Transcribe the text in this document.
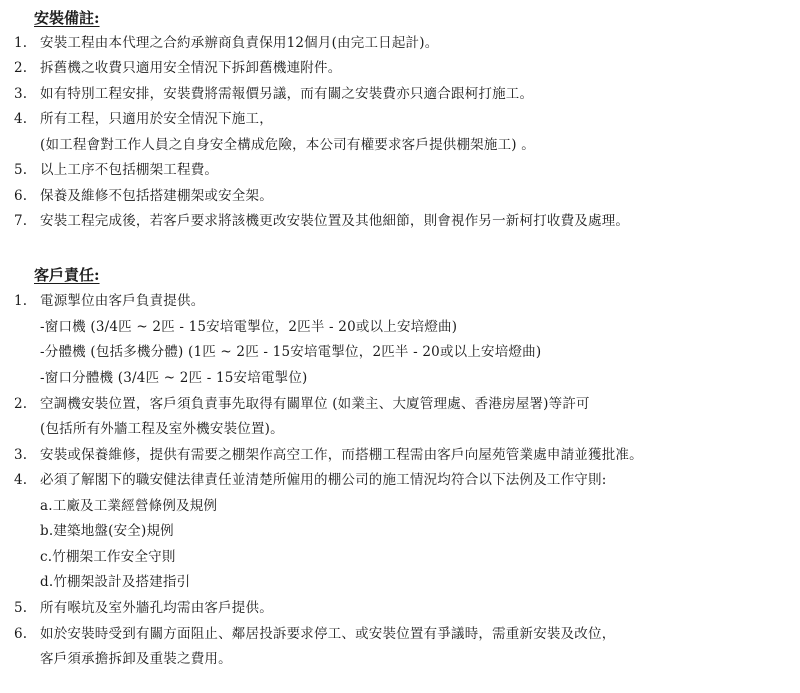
安裝備註:
1. 安裝工程由本代理之合約承辦商負責保用12個月(由完工日起計)。
2. 拆舊機之收費只適用安全情況下拆卸舊機連附件。
3. 如有特別工程安排，安裝費將需報價另議，而有關之安裝費亦只適合跟柯打施工。
4. 所有工程，只適用於安全情況下施工，
(如工程會對工作人員之自身安全構成危險，本公司有權要求客戶提供棚架施工) 。
5. 以上工序不包括棚架工程費。
6. 保養及維修不包括搭建棚架或安全架。
7. 安裝工程完成後，若客戶要求將該機更改安裝位置及其他細節，則會視作另一新柯打收費及處理。
客戶責任:
1. 電源掣位由客戶負責提供。
-窗口機 (3/4匹 ~ 2匹 - 15安培電掣位，2匹半 - 20或以上安培燈曲)
-分體機 (包括多機分體) (1匹 ~ 2匹 - 15安培電掣位，2匹半 - 20或以上安培燈曲)
-窗口分體機 (3/4匹 ~ 2匹 - 15安培電掣位)
2. 空調機安裝位置，客戶須負責事先取得有關單位 (如業主、大廈管理處、香港房屋署)等許可
(包括所有外牆工程及室外機安裝位置)。
3. 安裝或保養維修，提供有需要之棚架作高空工作，而搭棚工程需由客戶向屋苑管業處申請並獲批准。
4. 必須了解閣下的職安健法律責任並清楚所僱用的棚公司的施工情況均符合以下法例及工作守則:
a.工廠及工業經營條例及規例
b.建築地盤(安全)規例
c.竹棚架工作安全守則
d.竹棚架設計及搭建指引
5. 所有喉坑及室外牆孔均需由客戶提供。
6. 如於安裝時受到有關方面阻止、鄰居投訴要求停工、或安裝位置有爭議時，需重新安裝及改位，
客戶須承擔拆卸及重裝之費用。
